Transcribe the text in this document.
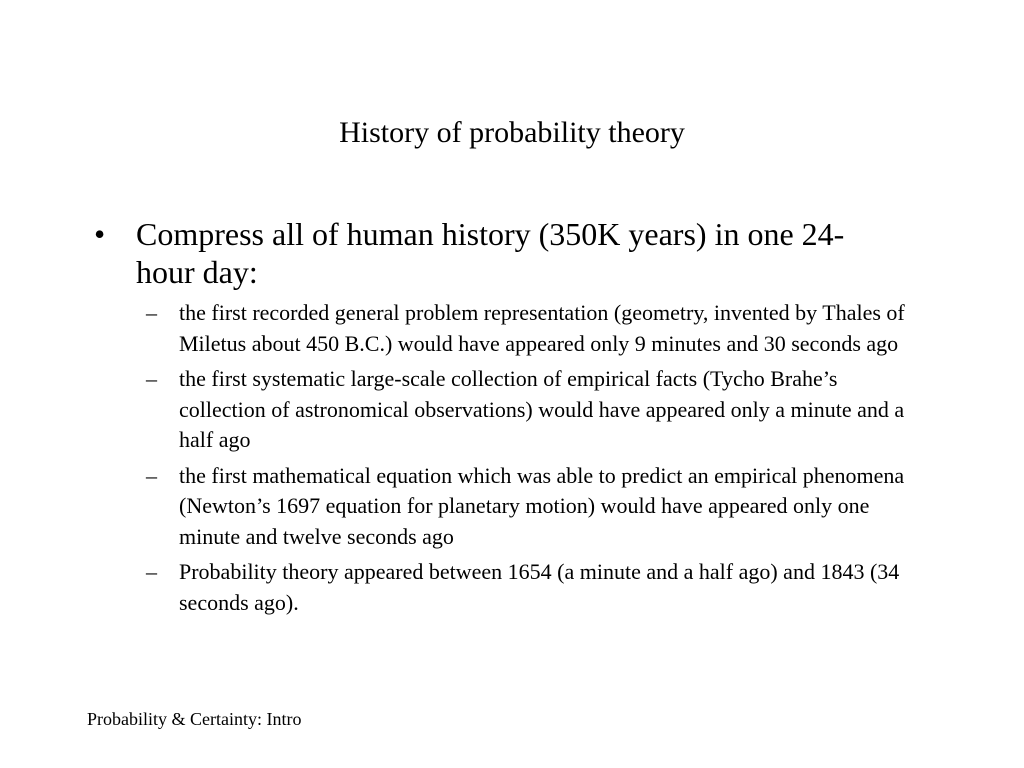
History of probability theory
• Compress all of human history (350K years) in one 24-hour day:
–	the first recorded general problem representation (geometry, invented by Thales of Miletus about 450 B.C.) would have appeared only 9 minutes and 30 seconds ago
–	the first systematic large-scale collection of empirical facts (Tycho Brahe’s collection of astronomical observations) would have appeared only a minute and a half ago
–	the first mathematical equation which was able to predict an empirical phenomena (Newton’s 1697 equation for planetary motion) would have appeared only one minute and twelve seconds ago
–	Probability theory appeared between 1654 (a minute and a half ago) and 1843 (34 seconds ago).
Probability & Certainty: Intro
